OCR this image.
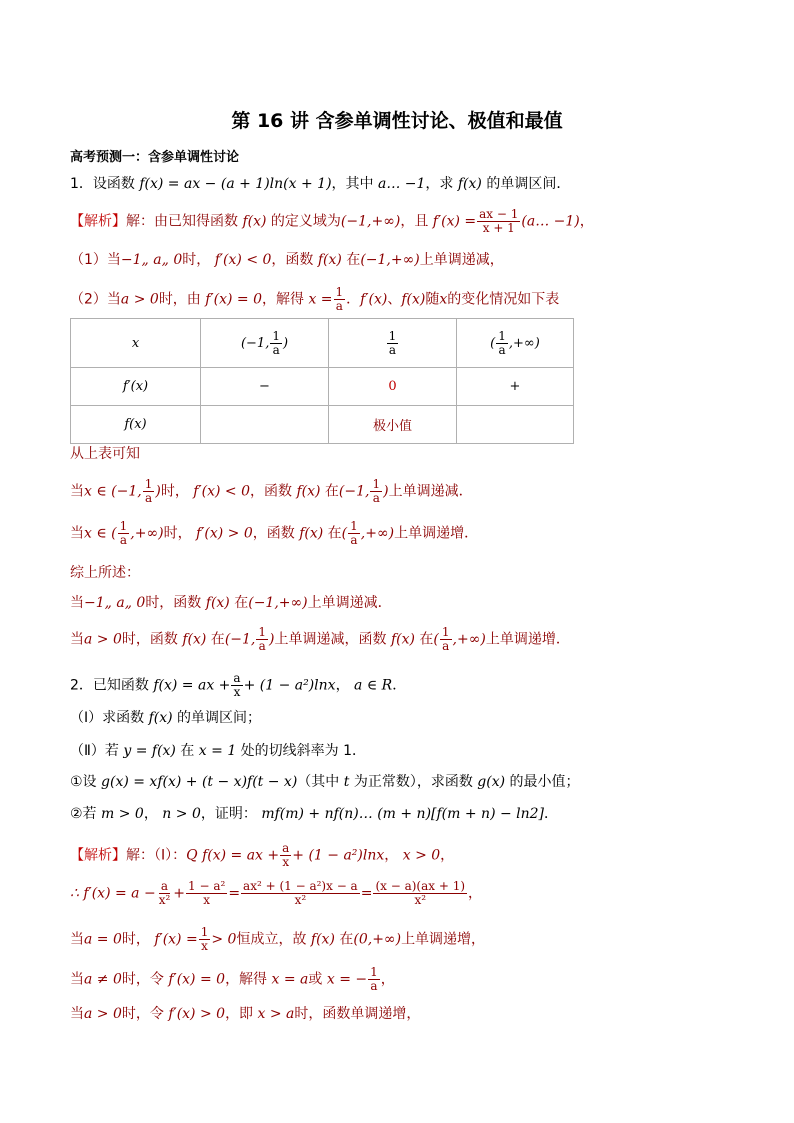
第 16 讲 含参单调性讨论、极值和最值
高考预测一：含参单调性讨论
1．设函数 f(x) = ax − (a + 1)ln(x + 1)，其中 a… −1，求 f(x) 的单调区间．
【解析】解：由已知得函数 f(x) 的定义域为(−1,+∞)，且 $f'(x) = \frac{ax - 1}{x + 1}$ (a… −1)，
（1）当−1„ a„ 0时， f′(x) < 0，函数 f(x) 在(−1,+∞)上单调递减，
（2）当a > 0时，由 f′(x) = 0，解得 $x = \frac{1}{a}$ ．f′(x)、f(x)随x的变化情况如下表
x	(−1, $\frac{1}{a}$ )	$\frac{1}{a}$	( $\frac{1}{a}$ ,+∞)
f′(x)	−	0	+
f(x)		极小值	
从上表可知
当x ∈ (−1, $\frac{1}{a}$ )时， f′(x) < 0，函数 f(x) 在(−1, $\frac{1}{a}$ )上单调递减．
当x ∈ ( $\frac{1}{a}$ ,+∞)时， f′(x) > 0，函数 f(x) 在( $\frac{1}{a}$ ,+∞)上单调递增．
综上所述：
当−1„ a„ 0时，函数 f(x) 在(−1,+∞)上单调递减．
当a > 0时，函数 f(x) 在(−1, $\frac{1}{a}$ )上单调递减，函数 f(x) 在( $\frac{1}{a}$ ,+∞)上单调递增．
2．已知函数 f(x) = ax + $\frac{a}{x} + (1 - a^2)\ln x$， a ∈ R．
（Ⅰ）求函数 f(x) 的单调区间；
（Ⅱ）若 y = f(x) 在 x = 1 处的切线斜率为 1．
①设 g(x) = xf(x) + (t − x)f(t − x)（其中 t 为正常数），求函数 g(x) 的最小值；
②若 m > 0， n > 0，证明： mf(m) + nf(n)… (m + n)[f(m + n) − ln2]．
【解析】解：（Ⅰ）：Q f(x) = ax + $\frac{a}{x} + (1 - a^2)\ln x$， x > 0，
∴ $f'(x) = a - \frac{a}{\text{x²}} + \frac{\text{1 − a²}}{x} = \frac{\text{ax² + (1 − a²)x − a}}{\text{x²}} = \frac{(x - a)(ax + 1)}{\text{x²}}$ ，
当a = 0时， $f'(x) = \frac{1}{x} > 0$恒成立，故 f(x) 在(0,+∞)上单调递增，
当a ≠ 0时，令 f′(x) = 0，解得 x = a或 x = − $\frac{1}{a}$ ，
当a > 0时，令 f′(x) > 0，即 x > a时，函数单调递增，
